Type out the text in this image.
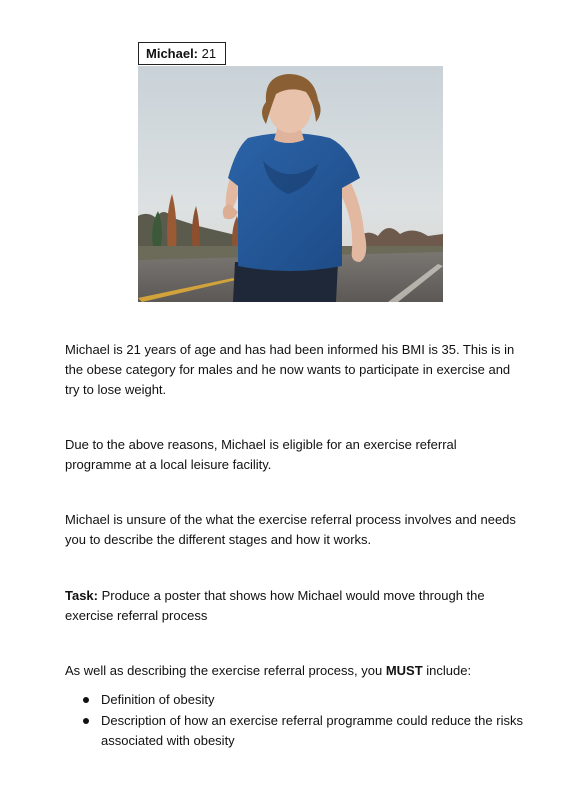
Michael: 21

Michael is 21 years of age and has had been informed his BMI is 35. This is in the obese category for males and he now wants to participate in exercise and try to lose weight.

Due to the above reasons, Michael is eligible for an exercise referral programme at a local leisure facility.

Michael is unsure of the what the exercise referral process involves and needs you to describe the different stages and how it works.

Task: Produce a poster that shows how Michael would move through the exercise referral process

As well as describing the exercise referral process, you MUST include:

Definition of obesity
Description of how an exercise referral programme could reduce the risks associated with obesity
